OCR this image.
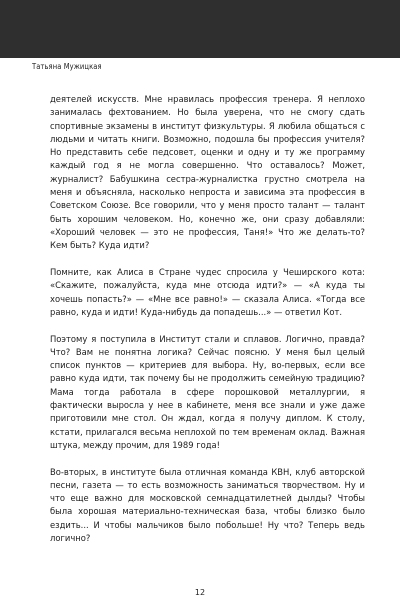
Татьяна Мужицкая

деятелей искусств. Мне нравилась профессия тренера. Я неплохо занималась фехтованием. Но была уверена, что не смогу сдать спортивные экзамены в институт физкультуры. Я любила общаться с людьми и читать книги. Возможно, подошла бы профессия учителя? Но представить себе педсовет, оценки и одну и ту же программу каждый год я не могла совершенно. Что оставалось? Может, журналист? Бабушкина сестра-журналистка грустно смотрела на меня и объясняла, насколько непроста и зависима эта профессия в Советском Союзе. Все говорили, что у меня просто талант — талант быть хорошим человеком. Но, конечно же, они сразу добавляли: «Хороший человек — это не профессия, Таня!» Что же делать-то? Кем быть? Куда идти?

Помните, как Алиса в Стране чудес спросила у Чеширского кота: «Скажите, пожалуйста, куда мне отсюда идти?» — «А куда ты хочешь попасть?» — «Мне все равно!» — сказала Алиса. «Тогда все равно, куда и идти! Куда-нибудь да попадешь...» — ответил Кот.

Поэтому я поступила в Институт стали и сплавов. Логично, правда? Что? Вам не понятна логика? Сейчас поясню. У меня был целый список пунктов — критериев для выбора. Ну, во-первых, если все равно куда идти, так почему бы не продолжить семейную традицию? Мама тогда работала в сфере порошковой металлургии, я фактически выросла у нее в кабинете, меня все знали и уже даже приготовили мне стол. Он ждал, когда я получу диплом. К столу, кстати, прилагался весьма неплохой по тем временам оклад. Важная штука, между прочим, для 1989 года!

Во-вторых, в институте была отличная команда КВН, клуб авторской песни, газета — то есть возможность заниматься творчеством. Ну и что еще важно для московской семнадцатилетней дылды? Чтобы была хорошая материально-техническая база, чтобы близко было ездить... И чтобы мальчиков было побольше! Ну что? Теперь ведь логично?

12
